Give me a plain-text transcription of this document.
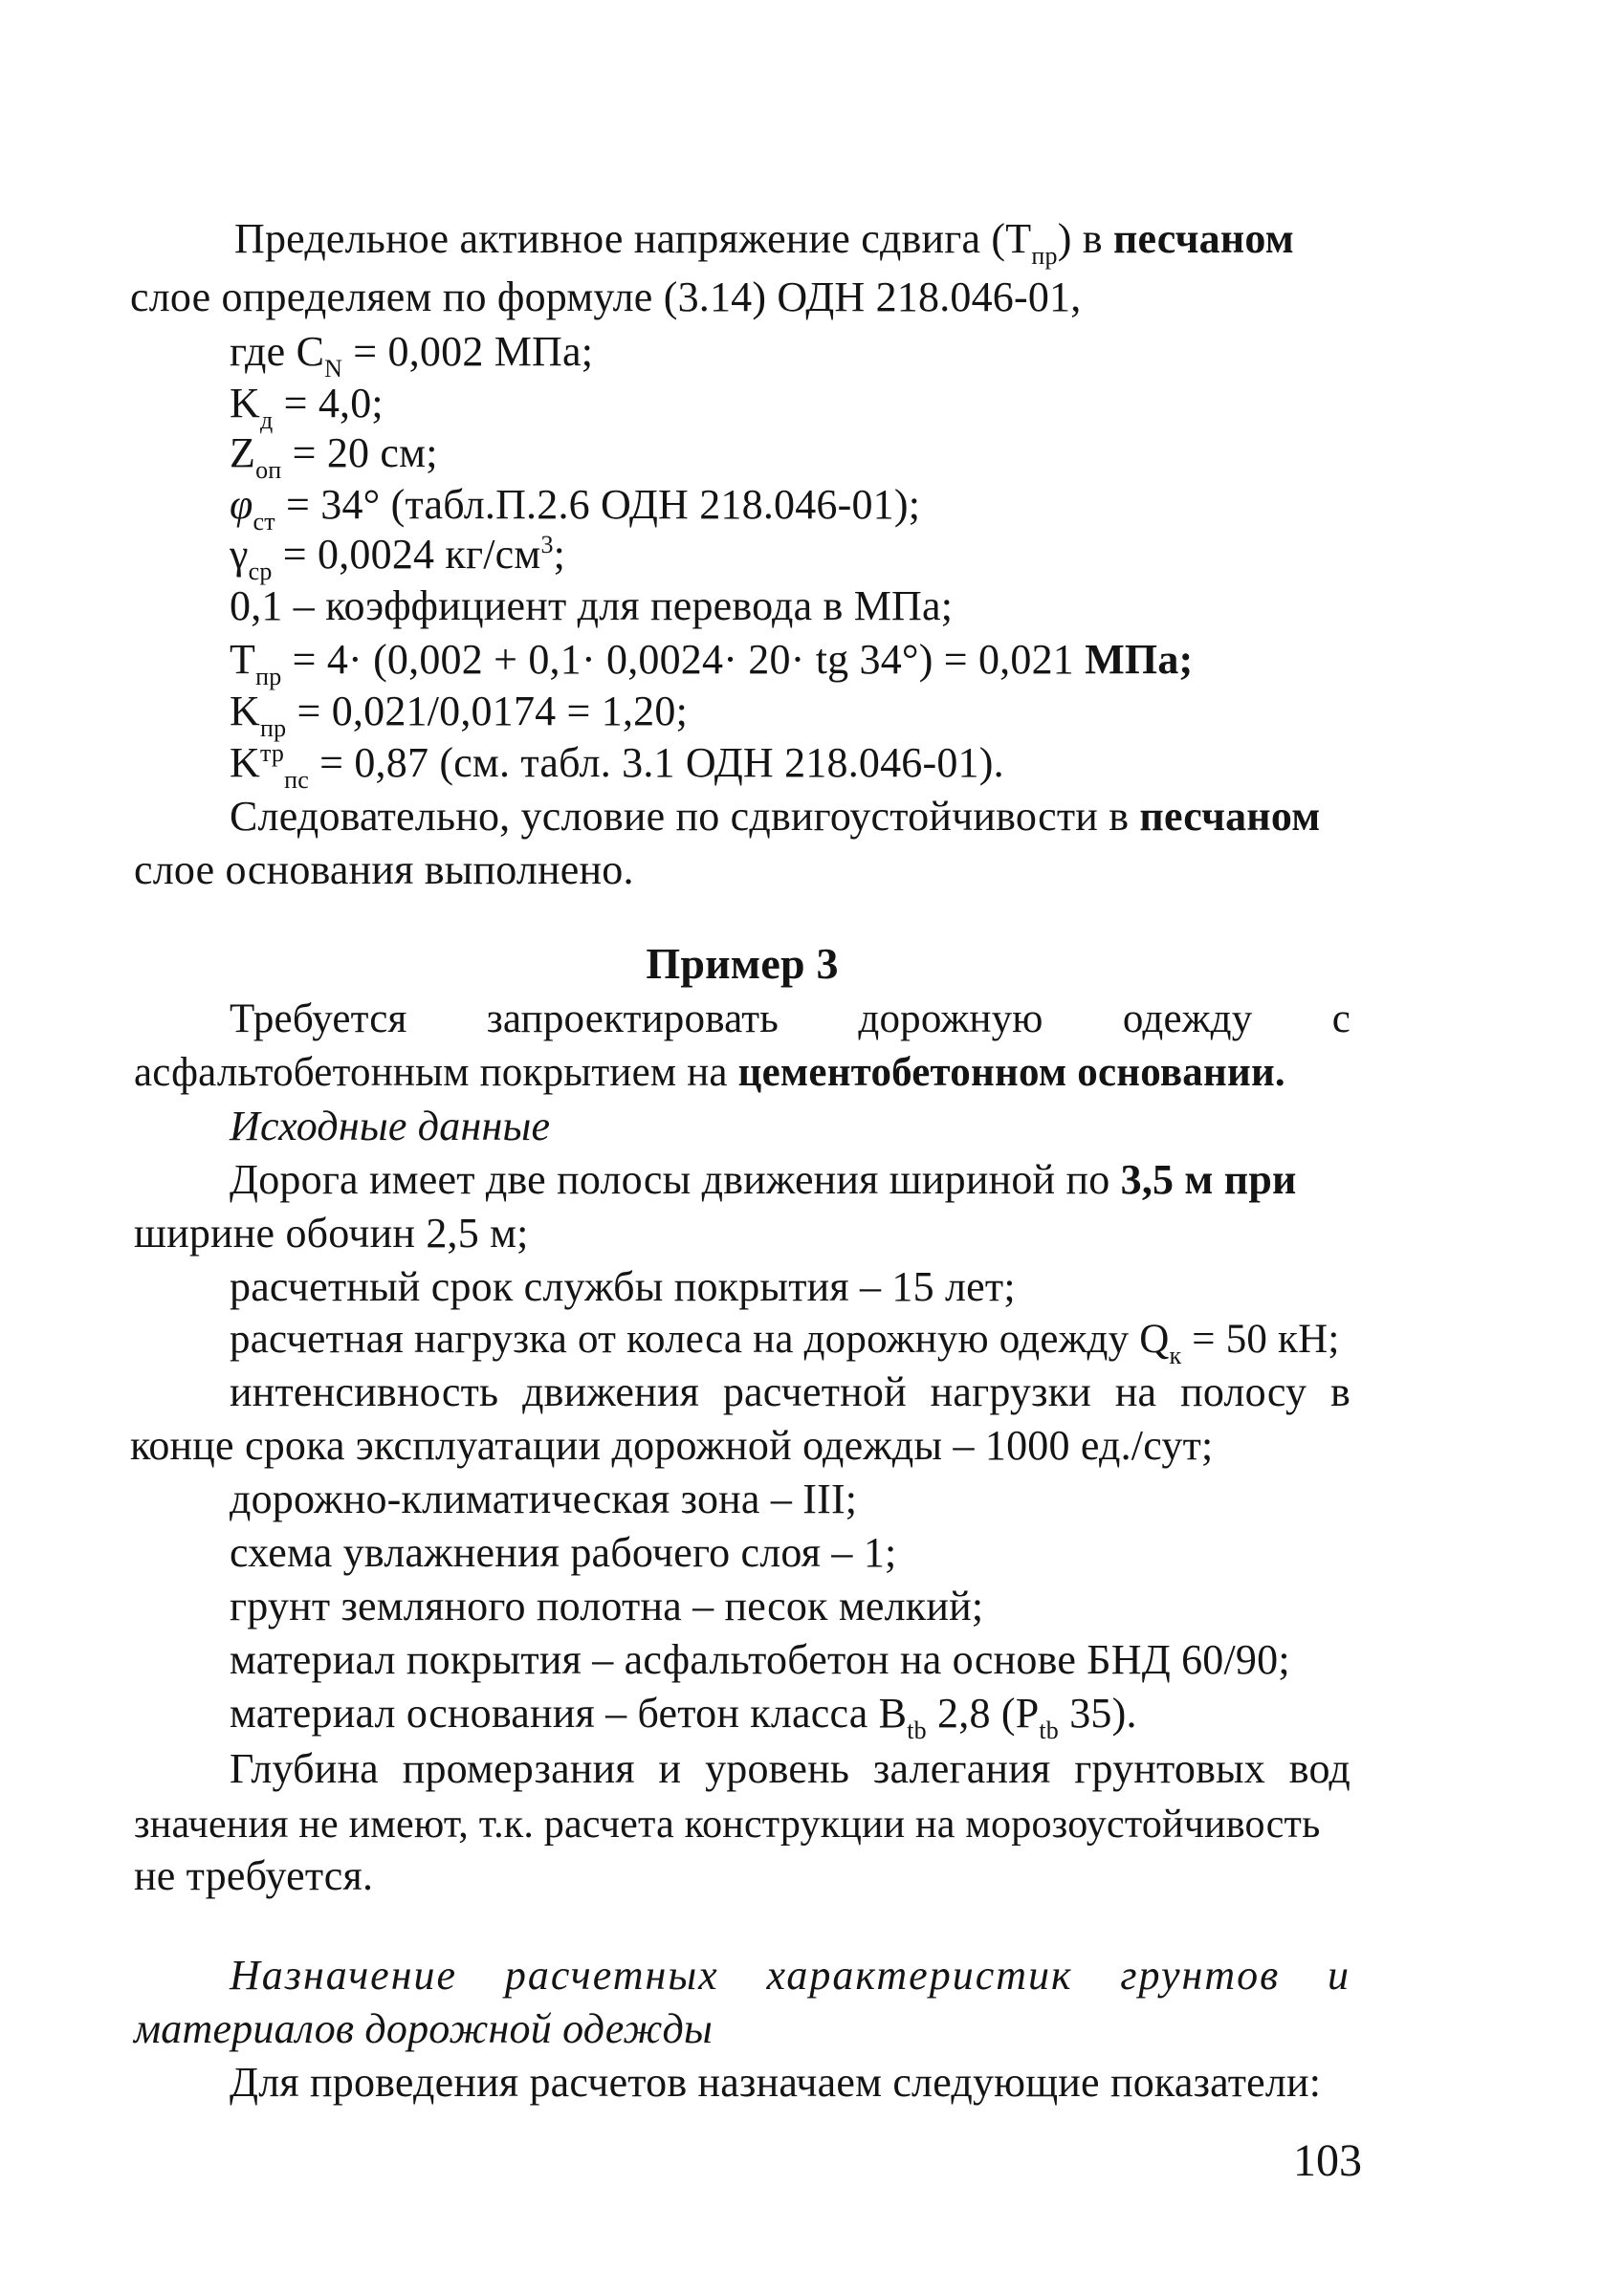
Предельное активное напряжение сдвига $(T_{пр})$ в песчаном
слое определяем по формуле (3.14) ОДН 218.046-01,
где $C_N = 0,002$ МПа;
$K_д = 4,0$;
$Z_{оп} = 20$ см;
$\varphi_{ст} = 34^\circ$ (табл.П.2.6 ОДН 218.046-01);
$\gamma_{ср} = 0,0024$ $кг/см^3$;
0,1 – коэффициент для перевода в МПа;
$T_{пр} = 4\cdot (0,002 + 0,1\cdot 0,0024\cdot 20\cdot$ tg 34°) = 0,021 МПа;
$K_{пр} = 0,021/0,0174 = 1,20$;
$K^{тр}_{пс} = 0,87$ (см. табл. 3.1 ОДН 218.046-01).
Следовательно, условие по сдвигоустойчивости в песчаном
слое основания выполнено.
Пример 3
Требуется запроектировать дорожную одежду с
асфальтобетонным покрытием на цементобетонном основании.
Исходные данные
Дорога имеет две полосы движения шириной по 3,5 м при
ширине обочин 2,5 м;
расчетный срок службы покрытия – 15 лет;
расчетная нагрузка от колеса на дорожную одежду $Q_к = 50$ кН;
интенсивность движения расчетной нагрузки на полосу в
конце срока эксплуатации дорожной одежды – 1000 ед./сут;
дорожно-климатическая зона – III;
схема увлажнения рабочего слоя – 1;
грунт земляного полотна – песок мелкий;
материал покрытия – асфальтобетон на основе БНД 60/90;
материал основания – бетон класса $B_{tb}$ 2,8 ($P_{tb}$ 35).
Глубина промерзания и уровень залегания грунтовых вод
значения не имеют, т.к. расчета конструкции на морозоустойчивость
не требуется.
Назначение расчетных характеристик грунтов и
материалов дорожной одежды
Для проведения расчетов назначаем следующие показатели:
103
